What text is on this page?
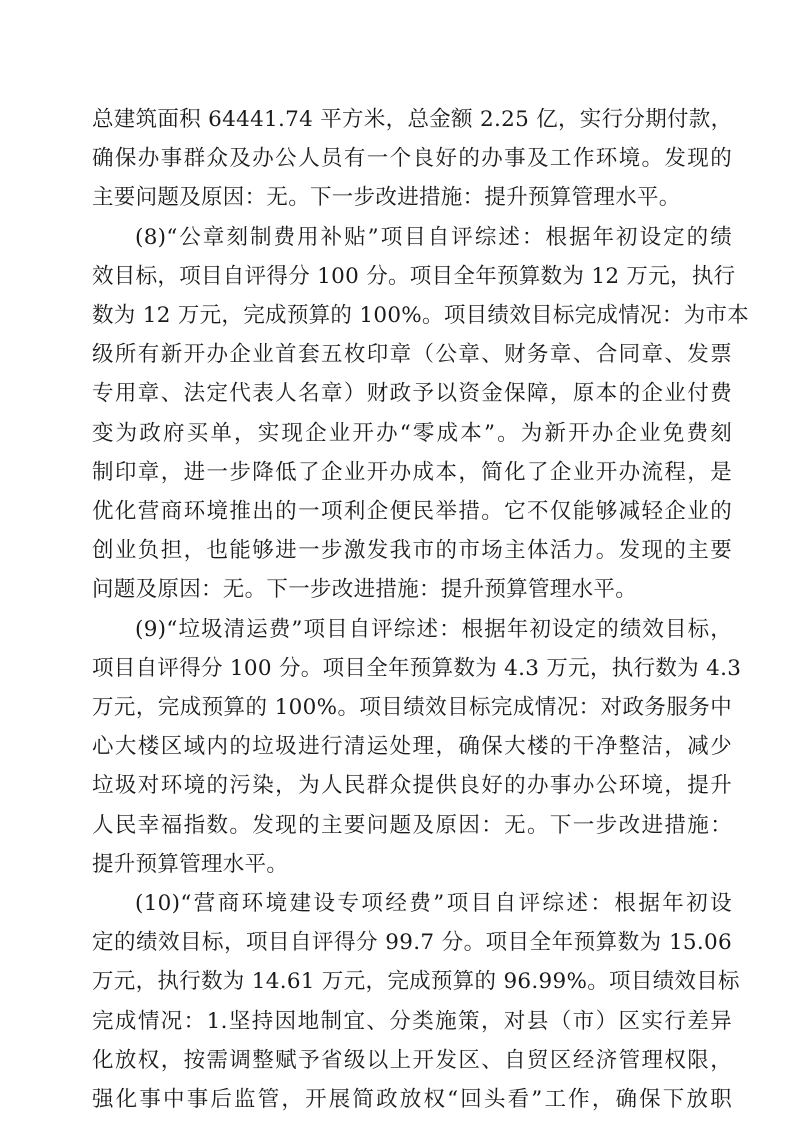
总建筑面积 64441.74 平方米，总金额 2.25 亿，实行分期付款，
确保办事群众及办公人员有一个良好的办事及工作环境。发现的
主要问题及原因：无。下一步改进措施：提升预算管理水平。
(8)“公章刻制费用补贴”项目自评综述：根据年初设定的绩
效目标，项目自评得分 100 分。项目全年预算数为 12 万元，执行
数为 12 万元，完成预算的 100%。项目绩效目标完成情况：为市本
级所有新开办企业首套五枚印章（公章、财务章、合同章、发票
专用章、法定代表人名章）财政予以资金保障，原本的企业付费
变为政府买单，实现企业开办“零成本”。为新开办企业免费刻
制印章，进一步降低了企业开办成本，简化了企业开办流程，是
优化营商环境推出的一项利企便民举措。它不仅能够减轻企业的
创业负担，也能够进一步激发我市的市场主体活力。发现的主要
问题及原因：无。下一步改进措施：提升预算管理水平。
(9)“垃圾清运费”项目自评综述：根据年初设定的绩效目标，
项目自评得分 100 分。项目全年预算数为 4.3 万元，执行数为 4.3
万元，完成预算的 100%。项目绩效目标完成情况：对政务服务中
心大楼区域内的垃圾进行清运处理，确保大楼的干净整洁，减少
垃圾对环境的污染，为人民群众提供良好的办事办公环境，提升
人民幸福指数。发现的主要问题及原因：无。下一步改进措施：
提升预算管理水平。
(10)“营商环境建设专项经费”项目自评综述：根据年初设
定的绩效目标，项目自评得分 99.7 分。项目全年预算数为 15.06
万元，执行数为 14.61 万元，完成预算的 96.99%。项目绩效目标
完成情况：1.坚持因地制宜、分类施策，对县（市）区实行差异
化放权，按需调整赋予省级以上开发区、自贸区经济管理权限，
强化事中事后监管，开展简政放权“回头看”工作，确保下放职
